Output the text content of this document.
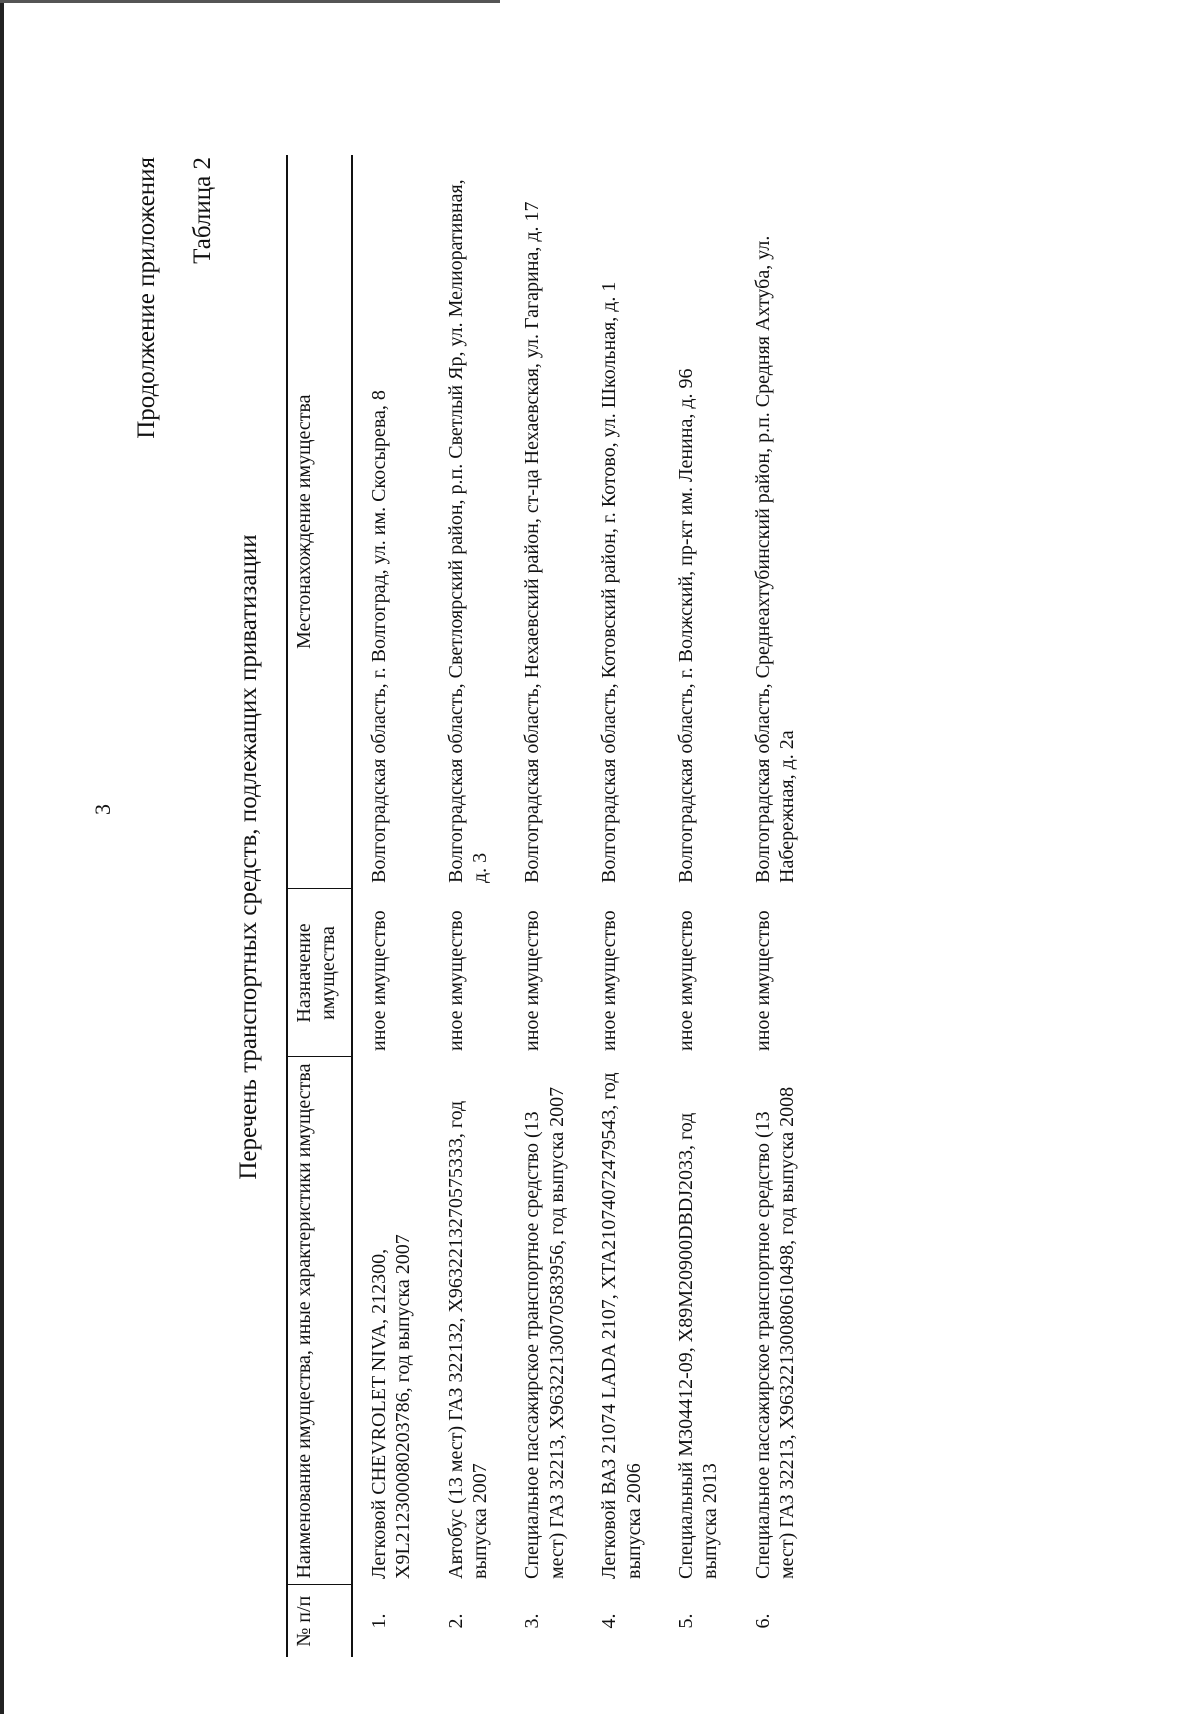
3
Продолжение приложения Таблица 2
Перечень транспортных средств, подлежащих приватизации
№ п/п	Наименование имущества, иные характеристики имущества	Назначение имущества	Местонахождение имущества
1.	Легковой CHEVROLET NIVA, 212300, X9L212300080203786, год выпуска 2007	иное имущество	Волгоградская область, г. Волгоград, ул. им. Скосырева, 8
2.	Автобус (13 мест) ГАЗ 322132, X9632213270575333, год выпуска 2007	иное имущество	Волгоградская область, Светлоярский район, р.п. Светлый Яр, ул. Мелиоративная, д. 3
3.	Специальное пассажирское транспортное средство (13 мест) ГАЗ 32213, X96322130070583956, год выпуска 2007	иное имущество	Волгоградская область, Нехаевский район, ст-ца Нехаевская, ул. Гагарина, д. 17
4.	Легковой ВАЗ 21074 LADA 2107, XTA21074072479543, год выпуска 2006	иное имущество	Волгоградская область, Котовский район, г. Котово, ул. Школьная, д. 1
5.	Специальный М304412-09, X89M20900DBDJ2033, год выпуска 2013	иное имущество	Волгоградская область, г. Волжский, пр-кт им. Ленина, д. 96
6.	Специальное пассажирское транспортное средство (13 мест) ГАЗ 32213, X96322130080610498, год выпуска 2008	иное имущество	Волгоградская область, Среднеахтубинский район, р.п. Средняя Ахтуба, ул. Набережная, д. 2а
